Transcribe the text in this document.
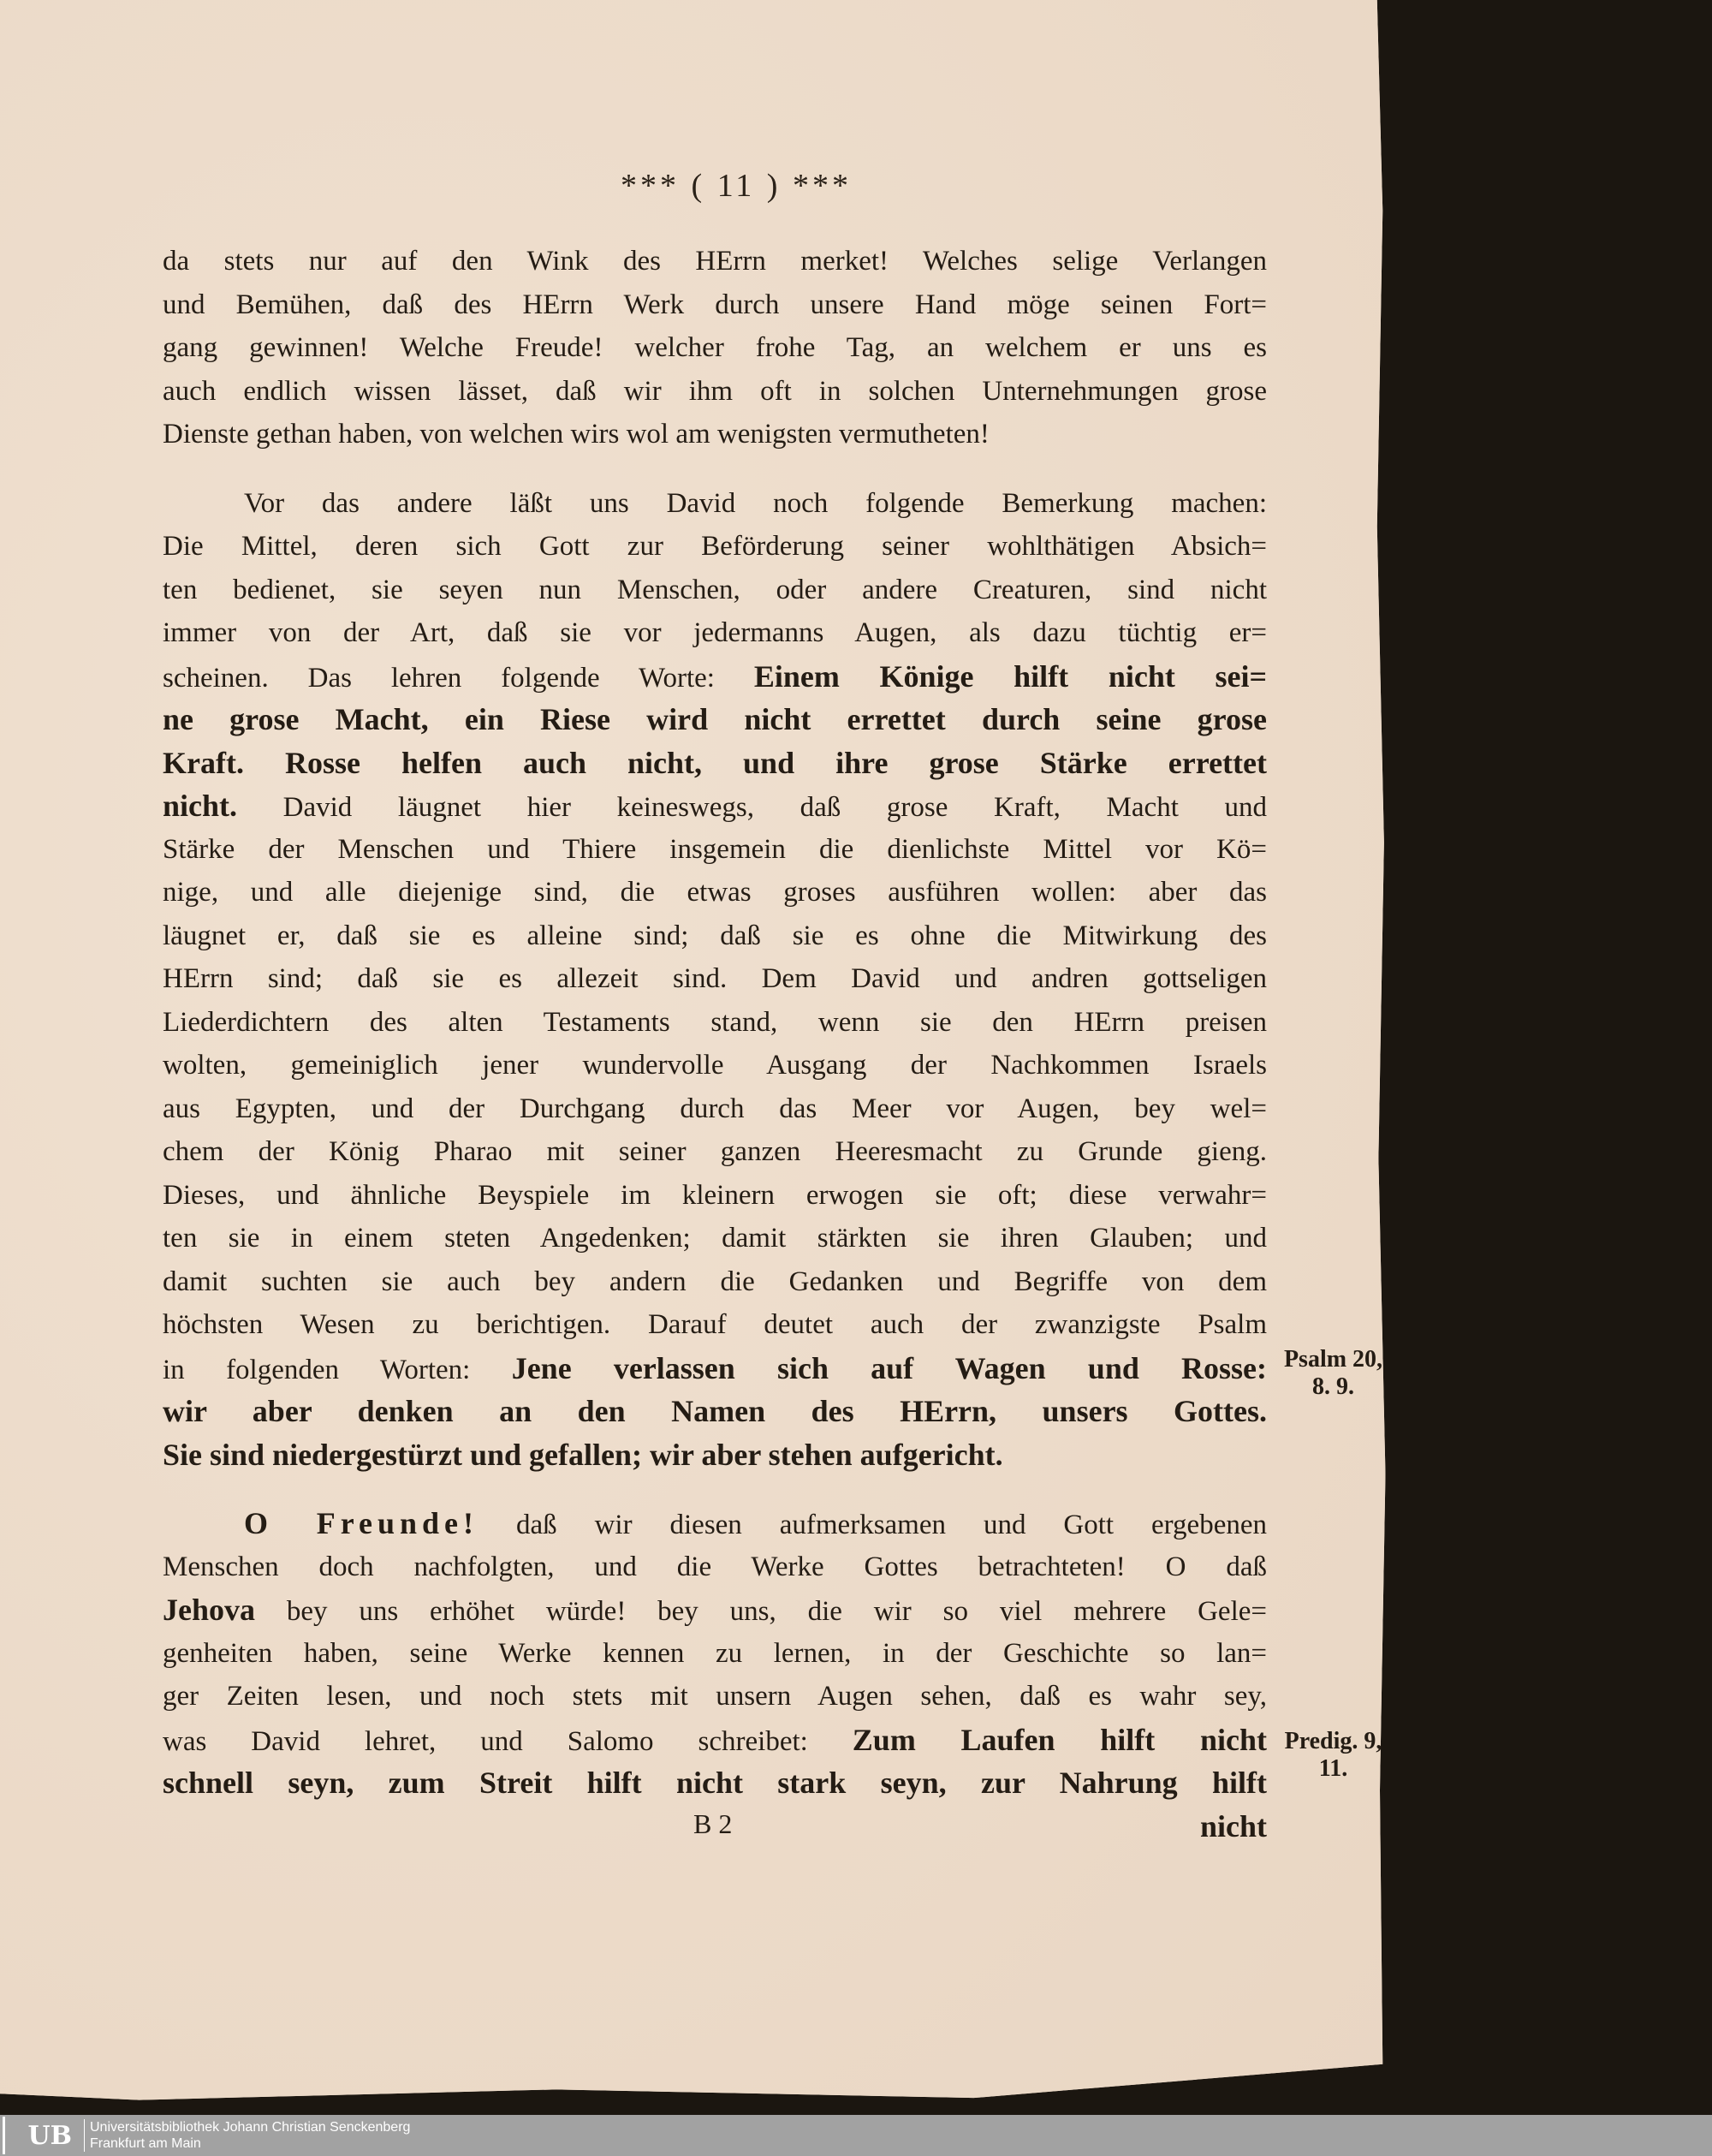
*** ( 11 ) ***
da stets nur auf den Wink des HErrn merket! Welches selige Verlangen
und Bemühen, daß des HErrn Werk durch unsere Hand möge seinen Fort=
gang gewinnen! Welche Freude! welcher frohe Tag, an welchem er uns es
auch endlich wissen lässet, daß wir ihm oft in solchen Unternehmungen grose
Dienste gethan haben, von welchen wirs wol am wenigsten vermutheten!
Vor das andere läßt uns David noch folgende Bemerkung machen:
Die Mittel, deren sich Gott zur Beförderung seiner wohlthätigen Absich=
ten bedienet, sie seyen nun Menschen, oder andere Creaturen, sind nicht
immer von der Art, daß sie vor jedermanns Augen, als dazu tüchtig er=
scheinen. Das lehren folgende Worte: Einem Könige hilft nicht sei=
ne grose Macht, ein Riese wird nicht errettet durch seine grose
Kraft. Rosse helfen auch nicht, und ihre grose Stärke errettet
nicht. David läugnet hier keineswegs, daß grose Kraft, Macht und
Stärke der Menschen und Thiere insgemein die dienlichste Mittel vor Kö=
nige, und alle diejenige sind, die etwas groses ausführen wollen: aber das
läugnet er, daß sie es alleine sind; daß sie es ohne die Mitwirkung des
HErrn sind; daß sie es allezeit sind. Dem David und andren gottseligen
Liederdichtern des alten Testaments stand, wenn sie den HErrn preisen
wolten, gemeiniglich jener wundervolle Ausgang der Nachkommen Israels
aus Egypten, und der Durchgang durch das Meer vor Augen, bey wel=
chem der König Pharao mit seiner ganzen Heeresmacht zu Grunde gieng.
Dieses, und ähnliche Beyspiele im kleinern erwogen sie oft; diese verwahr=
ten sie in einem steten Angedenken; damit stärkten sie ihren Glauben; und
damit suchten sie auch bey andern die Gedanken und Begriffe von dem
höchsten Wesen zu berichtigen. Darauf deutet auch der zwanzigste Psalm
in folgenden Worten: Jene verlassen sich auf Wagen und Rosse:
wir aber denken an den Namen des HErrn, unsers Gottes.
Sie sind niedergestürzt und gefallen; wir aber stehen aufgericht.
O Freunde! daß wir diesen aufmerksamen und Gott ergebenen
Menschen doch nachfolgten, und die Werke Gottes betrachteten! O daß
Jehova bey uns erhöhet würde! bey uns, die wir so viel mehrere Gele=
genheiten haben, seine Werke kennen zu lernen, in der Geschichte so lan=
ger Zeiten lesen, und noch stets mit unsern Augen sehen, daß es wahr sey,
was David lehret, und Salomo schreibet: Zum Laufen hilft nicht
schnell seyn, zum Streit hilft nicht stark seyn, zur Nahrung hilft
nicht
Psalm 20,
8. 9.
Predig. 9,
11.
B 2
UB Universitätsbibliothek Johann Christian Senckenberg
Frankfurt am Main
